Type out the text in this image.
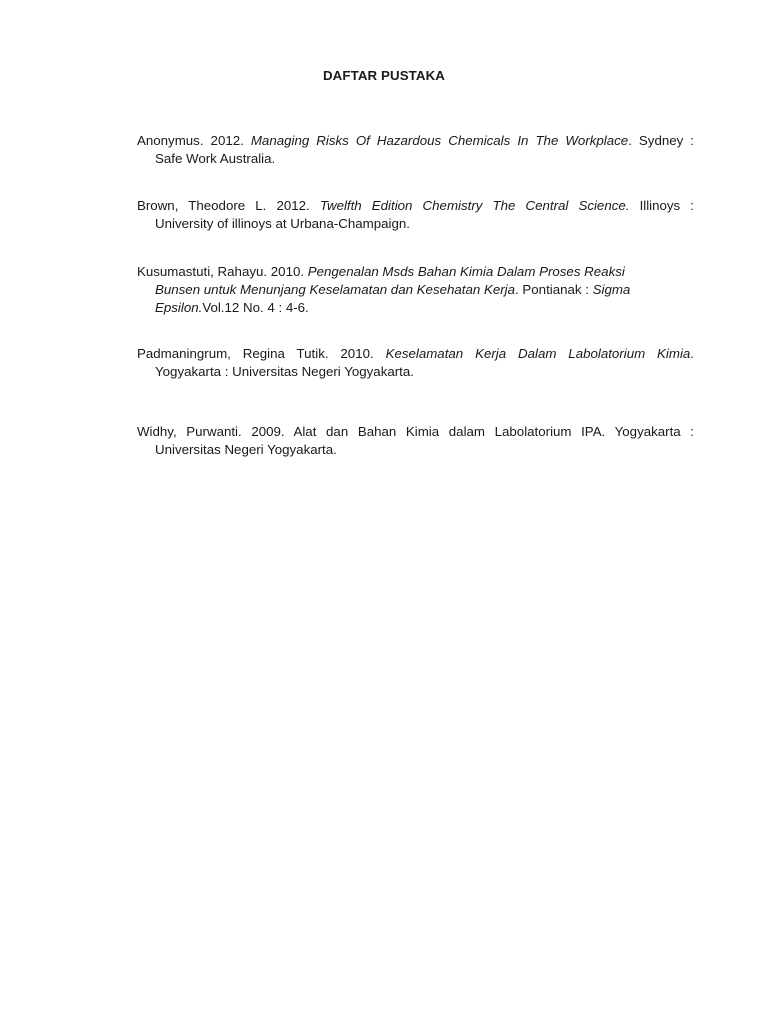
DAFTAR PUSTAKA
Anonymus. 2012. Managing Risks Of Hazardous Chemicals In The Workplace. Sydney :
Safe Work Australia.
Brown, Theodore L. 2012. Twelfth Edition Chemistry The Central Science. Illinoys :
University of illinoys at Urbana-Champaign.
Kusumastuti, Rahayu. 2010. Pengenalan Msds Bahan Kimia Dalam Proses Reaksi
Bunsen untuk Menunjang Keselamatan dan Kesehatan Kerja. Pontianak : Sigma
Epsilon.Vol.12 No. 4 : 4-6.
Padmaningrum, Regina Tutik. 2010. Keselamatan Kerja Dalam Labolatorium Kimia.
Yogyakarta : Universitas Negeri Yogyakarta.
Widhy, Purwanti. 2009. Alat dan Bahan Kimia dalam Labolatorium IPA. Yogyakarta :
Universitas Negeri Yogyakarta.
